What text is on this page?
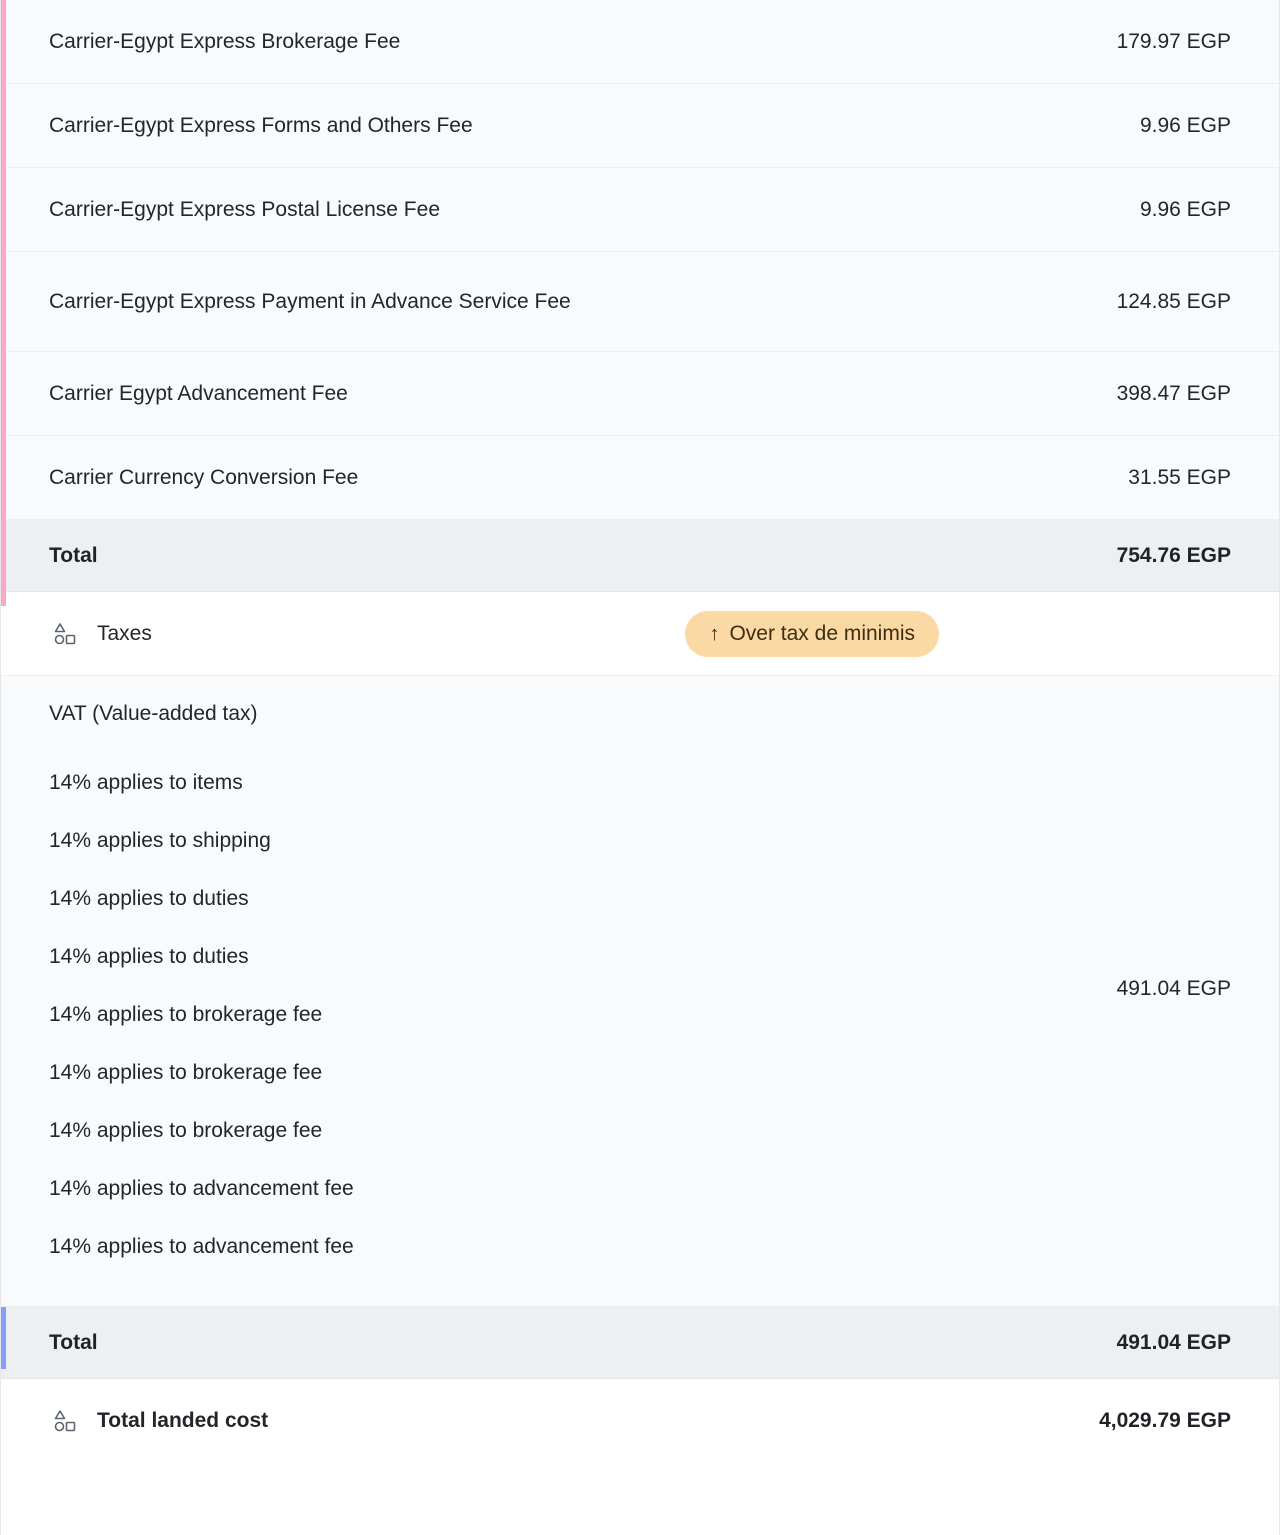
Carrier-Egypt Express Brokerage Fee	179.97 EGP
Carrier-Egypt Express Forms and Others Fee	9.96 EGP
Carrier-Egypt Express Postal License Fee	9.96 EGP
Carrier-Egypt Express Payment in Advance Service Fee	124.85 EGP
Carrier Egypt Advancement Fee	398.47 EGP
Carrier Currency Conversion Fee	31.55 EGP
Total	754.76 EGP
Taxes	↑ Over tax de minimis
VAT (Value-added tax)
14% applies to items
14% applies to shipping
14% applies to duties
14% applies to duties
14% applies to brokerage fee
14% applies to brokerage fee
14% applies to brokerage fee
14% applies to advancement fee
14% applies to advancement fee
491.04 EGP
Total	491.04 EGP
Total landed cost	4,029.79 EGP
